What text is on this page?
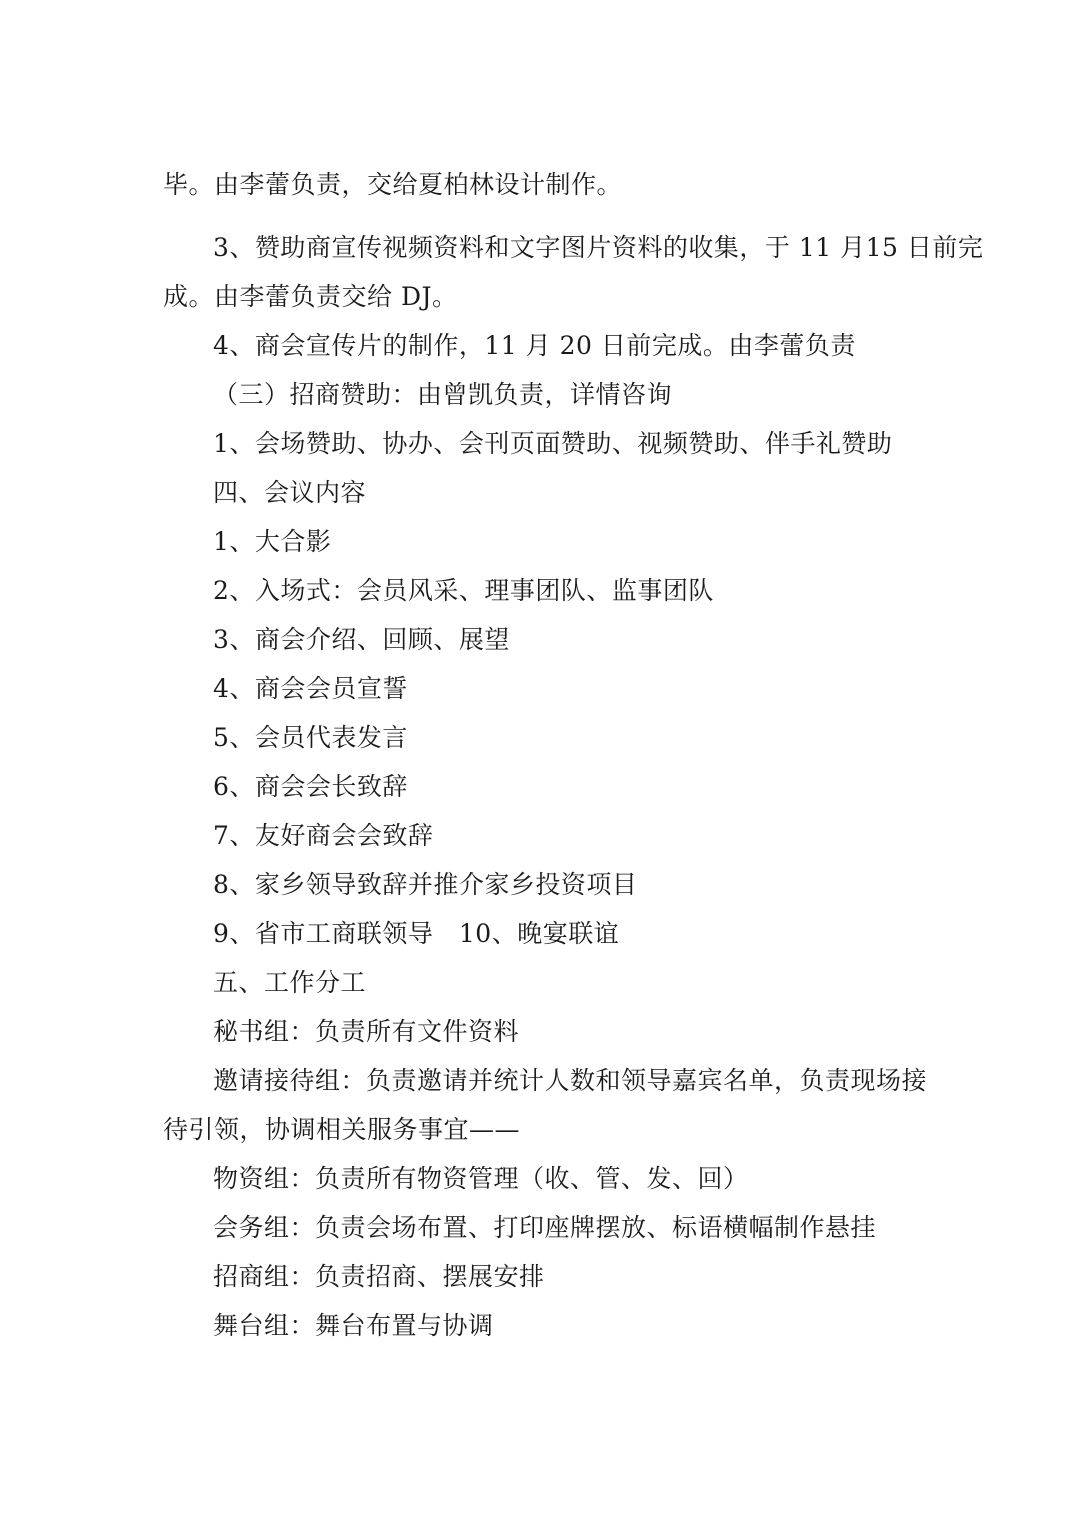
毕。由李蕾负责，交给夏柏林设计制作。
3、赞助商宣传视频资料和文字图片资料的收集，于 11 月15 日前完
成。由李蕾负责交给 DJ。
4、商会宣传片的制作，11 月 20 日前完成。由李蕾负责
（三）招商赞助：由曾凯负责，详情咨询
1、会场赞助、协办、会刊页面赞助、视频赞助、伴手礼赞助
四、会议内容
1、大合影
2、入场式：会员风采、理事团队、监事团队
3、商会介绍、回顾、展望
4、商会会员宣誓
5、会员代表发言
6、商会会长致辞
7、友好商会会致辞
8、家乡领导致辞并推介家乡投资项目
9、省市工商联领导　10、晚宴联谊
五、工作分工
秘书组：负责所有文件资料
邀请接待组：负责邀请并统计人数和领导嘉宾名单，负责现场接
待引领，协调相关服务事宜——
物资组：负责所有物资管理（收、管、发、回）
会务组：负责会场布置、打印座牌摆放、标语横幅制作悬挂
招商组：负责招商、摆展安排
舞台组：舞台布置与协调
